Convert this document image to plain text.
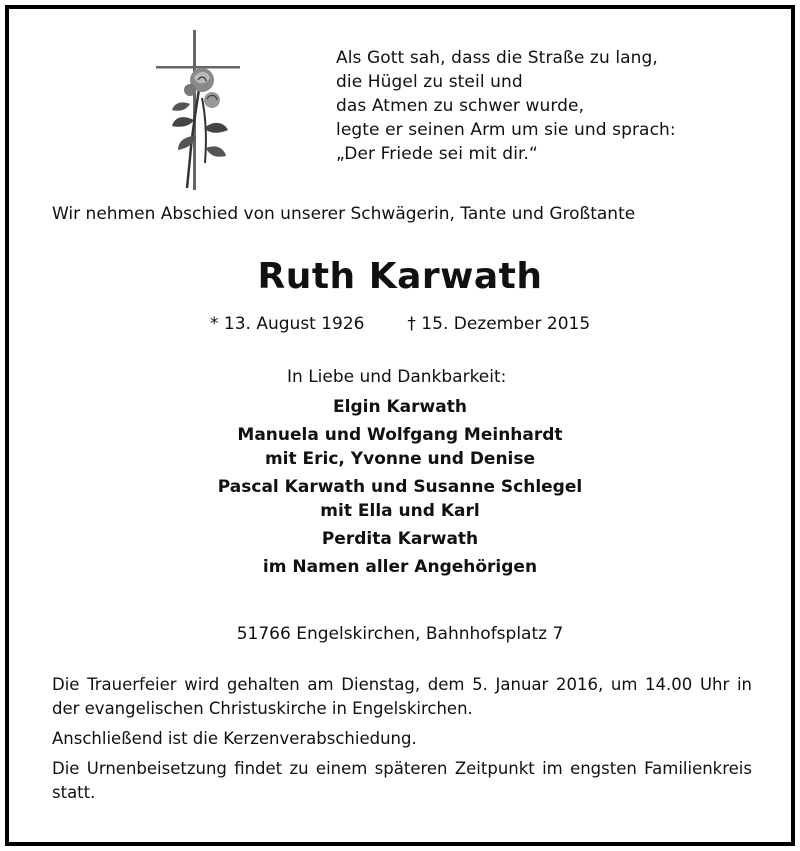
Als Gott sah, dass die Straße zu lang,
die Hügel zu steil und
das Atmen zu schwer wurde,
legte er seinen Arm um sie und sprach:
„Der Friede sei mit dir.“
Wir nehmen Abschied von unserer Schwägerin, Tante und Großtante
Ruth Karwath
* 13. August 1926	† 15. Dezember 2015
In Liebe und Dankbarkeit:
Elgin Karwath
Manuela und Wolfgang Meinhardt
mit Eric, Yvonne und Denise
Pascal Karwath und Susanne Schlegel
mit Ella und Karl
Perdita Karwath
im Namen aller Angehörigen
51766 Engelskirchen, Bahnhofsplatz 7

Die Trauerfeier wird gehalten am Dienstag, dem 5. Januar 2016, um 14.00 Uhr in der evangelischen Christuskirche in Engelskirchen.

Anschließend ist die Kerzenverabschiedung.

Die Urnenbeisetzung findet zu einem späteren Zeitpunkt im engsten Familienkreis statt.
